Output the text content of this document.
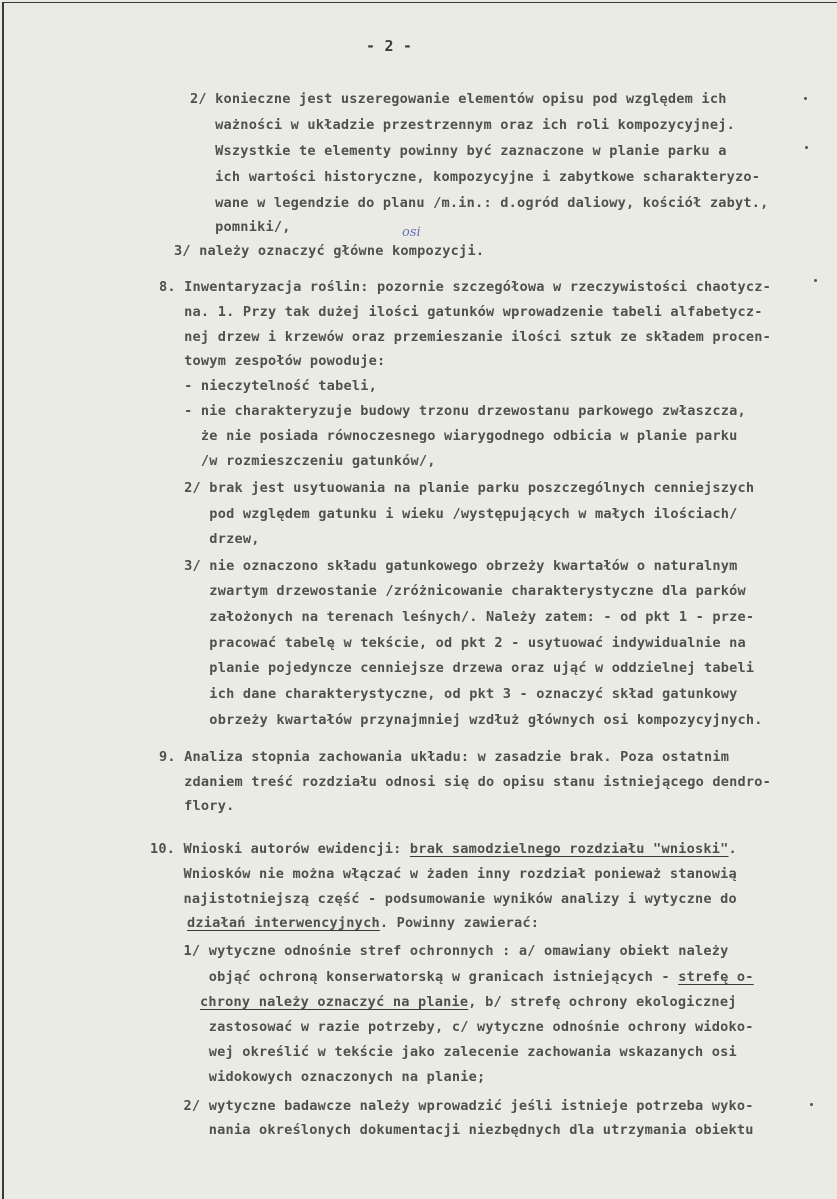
- 2 -
2/ konieczne jest uszeregowanie elementów opisu pod względem ich
ważności w układzie przestrzennym oraz ich roli kompozycyjnej.
Wszystkie te elementy powinny być zaznaczone w planie parku a
ich wartości historyczne, kompozycyjne i zabytkowe scharakteryzo-
wane w legendzie do planu /m.in.: d.ogród daliowy, kościół zabyt.,
pomniki/,
3/ należy oznaczyć główne kompozycji.
osi
8. Inwentaryzacja roślin: pozornie szczegółowa w rzeczywistości chaotycz-
na. 1. Przy tak dużej ilości gatunków wprowadzenie tabeli alfabetycz-
nej drzew i krzewów oraz przemieszanie ilości sztuk ze składem procen-
towym zespołów powoduje:
- nieczytelność tabeli,
- nie charakteryzuje budowy trzonu drzewostanu parkowego zwłaszcza,
że nie posiada równoczesnego wiarygodnego odbicia w planie parku
/w rozmieszczeniu gatunków/,
2/ brak jest usytuowania na planie parku poszczególnych cenniejszych
pod względem gatunku i wieku /występujących w małych ilościach/
drzew,
3/ nie oznaczono składu gatunkowego obrzeży kwartałów o naturalnym
zwartym drzewostanie /zróżnicowanie charakterystyczne dla parków
założonych na terenach leśnych/. Należy zatem: - od pkt 1 - prze-
pracować tabelę w tekście, od pkt 2 - usytuować indywidualnie na
planie pojedyncze cenniejsze drzewa oraz ująć w oddzielnej tabeli
ich dane charakterystyczne, od pkt 3 - oznaczyć skład gatunkowy
obrzeży kwartałów przynajmniej wzdłuż głównych osi kompozycyjnych.
9. Analiza stopnia zachowania układu: w zasadzie brak. Poza ostatnim
zdaniem treść rozdziału odnosi się do opisu stanu istniejącego dendro-
flory.
10. Wnioski autorów ewidencji: brak samodzielnego rozdziału "wnioski".
Wniosków nie można włączać w żaden inny rozdział ponieważ stanowią
najistotniejszą część - podsumowanie wyników analizy i wytyczne do
działań interwencyjnych. Powinny zawierać:
1/ wytyczne odnośnie stref ochronnych : a/ omawiany obiekt należy
objąć ochroną konserwatorską w granicach istniejących - strefę o-
chrony należy oznaczyć na planie, b/ strefę ochrony ekologicznej
zastosować w razie potrzeby, c/ wytyczne odnośnie ochrony widoko-
wej określić w tekście jako zalecenie zachowania wskazanych osi
widokowych oznaczonych na planie;
2/ wytyczne badawcze należy wprowadzić jeśli istnieje potrzeba wyko-
nania określonych dokumentacji niezbędnych dla utrzymania obiektu
